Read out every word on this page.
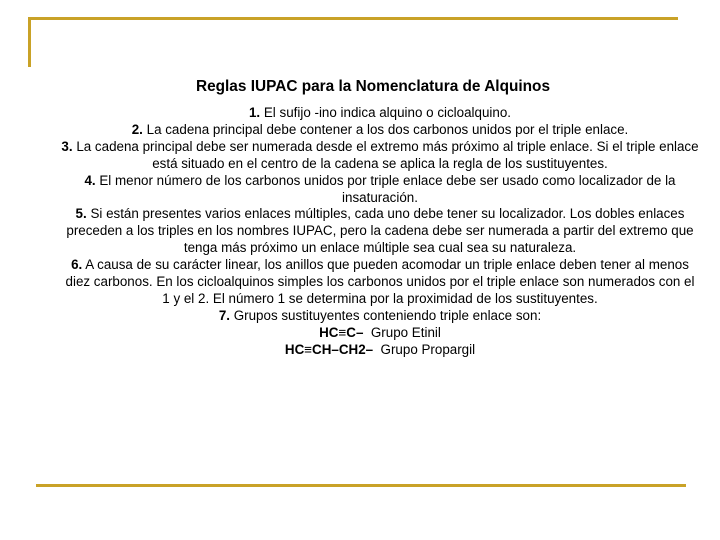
Reglas IUPAC para la Nomenclatura de Alquinos

1. El sufijo -ino indica alquino o cicloalquino.

2. La cadena principal debe contener a los dos carbonos unidos por el triple enlace.

3. La cadena principal debe ser numerada desde el extremo más próximo al triple enlace. Si el triple enlace está situado en el centro de la cadena se aplica la regla de los sustituyentes.

4. El menor número de los carbonos unidos por triple enlace debe ser usado como localizador de la insaturación.

5. Si están presentes varios enlaces múltiples, cada uno debe tener su localizador. Los dobles enlaces preceden a los triples en los nombres IUPAC, pero la cadena debe ser numerada a partir del extremo que tenga más próximo un enlace múltiple sea cual sea su naturaleza.

6. A causa de su carácter linear, los anillos que pueden acomodar un triple enlace deben tener al menos diez carbonos. En los cicloalquinos simples los carbonos unidos por el triple enlace son numerados con el 1 y el 2. El número 1 se determina por la proximidad de los sustituyentes.

7. Grupos sustituyentes conteniendo triple enlace son:

HC≡C– Grupo Etinil

HC≡CH–CH2– Grupo Propargil
